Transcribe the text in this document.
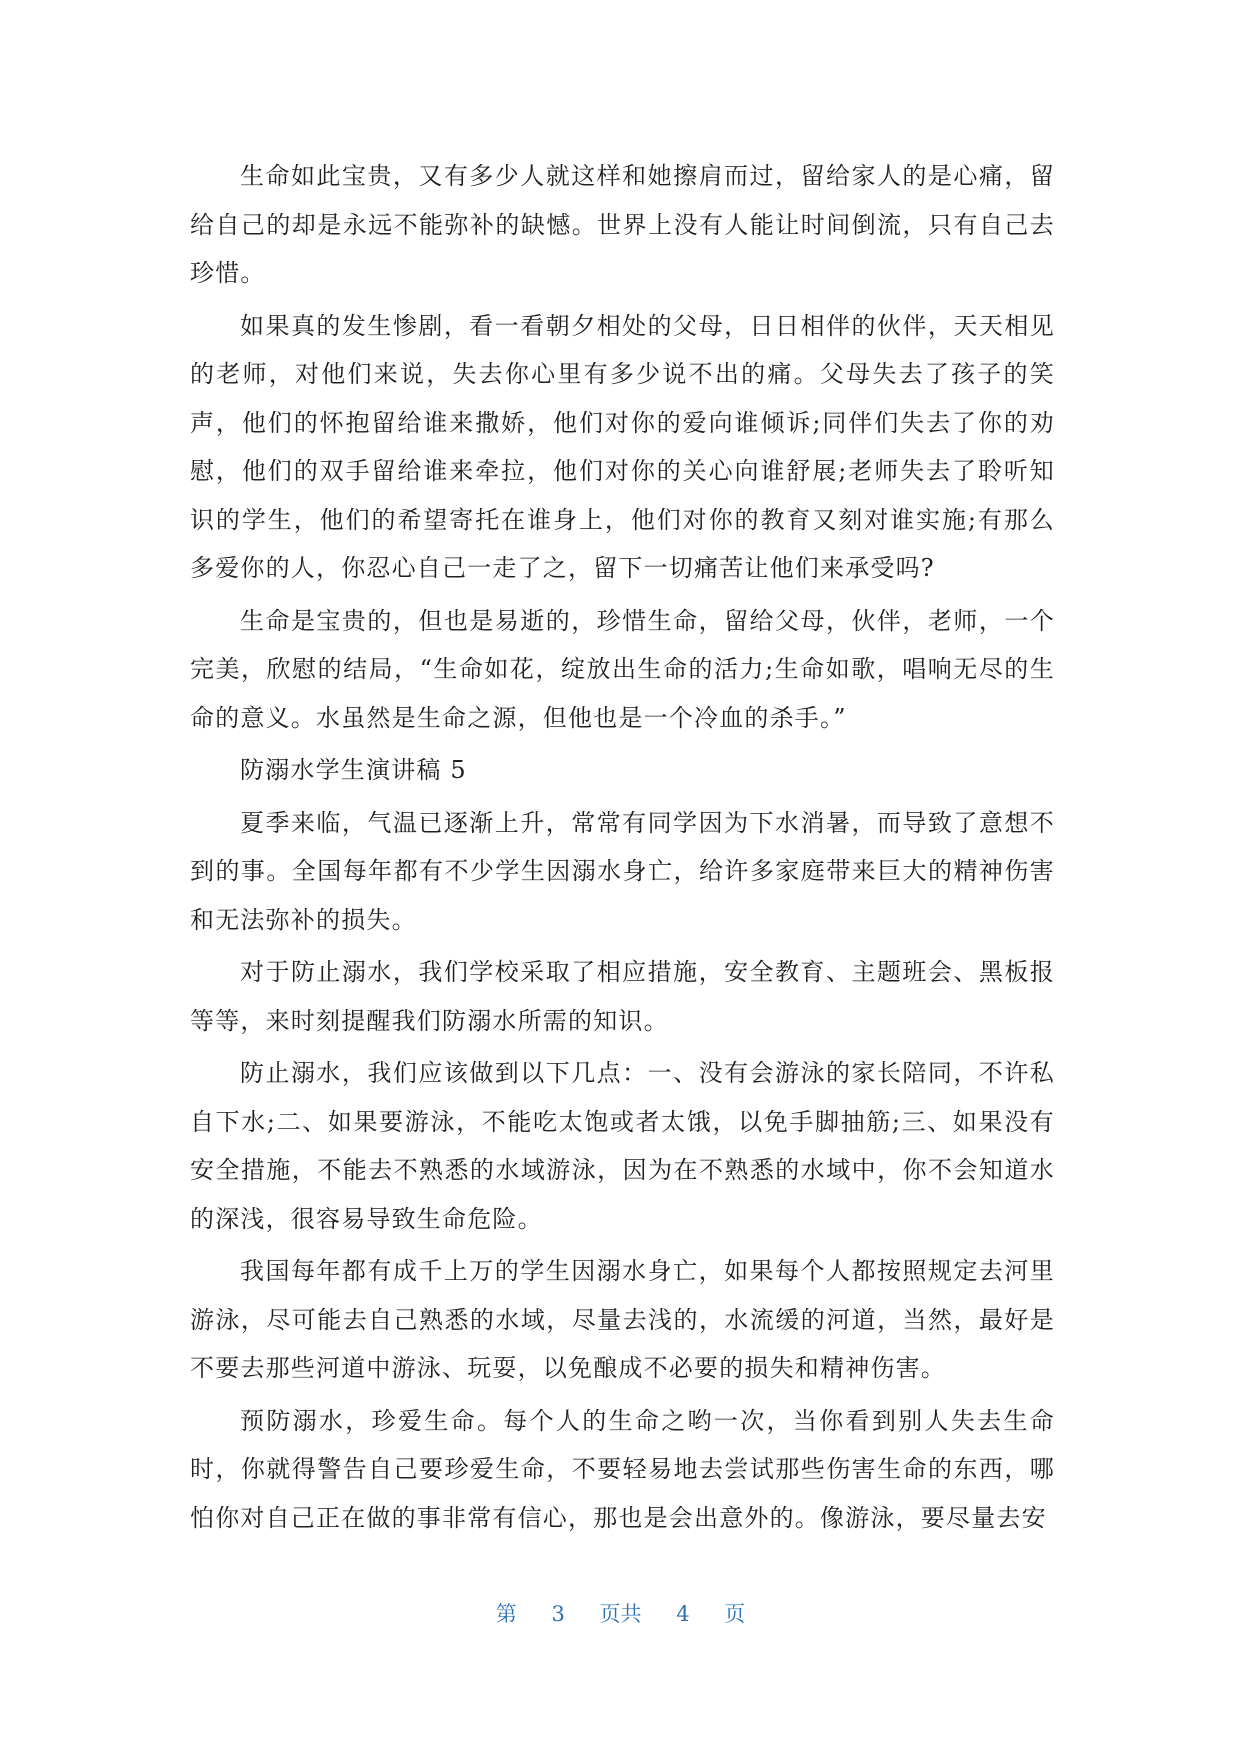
生命如此宝贵，又有多少人就这样和她擦肩而过，留给家人的是心痛，留给自己的却是永远不能弥补的缺憾。世界上没有人能让时间倒流，只有自己去珍惜。

如果真的发生惨剧，看一看朝夕相处的父母，日日相伴的伙伴，天天相见的老师，对他们来说，失去你心里有多少说不出的痛。父母失去了孩子的笑声，他们的怀抱留给谁来撒娇，他们对你的爱向谁倾诉;同伴们失去了你的劝慰，他们的双手留给谁来牵拉，他们对你的关心向谁舒展;老师失去了聆听知识的学生，他们的希望寄托在谁身上，他们对你的教育又刻对谁实施;有那么多爱你的人，你忍心自己一走了之，留下一切痛苦让他们来承受吗?

生命是宝贵的，但也是易逝的，珍惜生命，留给父母，伙伴，老师，一个完美，欣慰的结局，“生命如花，绽放出生命的活力;生命如歌，唱响无尽的生命的意义。水虽然是生命之源，但他也是一个冷血的杀手。”

防溺水学生演讲稿 5

夏季来临，气温已逐渐上升，常常有同学因为下水消暑，而导致了意想不到的事。全国每年都有不少学生因溺水身亡，给许多家庭带来巨大的精神伤害和无法弥补的损失。

对于防止溺水，我们学校采取了相应措施，安全教育、主题班会、黑板报等等，来时刻提醒我们防溺水所需的知识。

防止溺水，我们应该做到以下几点：一、没有会游泳的家长陪同，不许私自下水;二、如果要游泳，不能吃太饱或者太饿，以免手脚抽筋;三、如果没有安全措施，不能去不熟悉的水域游泳，因为在不熟悉的水域中，你不会知道水的深浅，很容易导致生命危险。

我国每年都有成千上万的学生因溺水身亡，如果每个人都按照规定去河里游泳，尽可能去自己熟悉的水域，尽量去浅的，水流缓的河道，当然，最好是不要去那些河道中游泳、玩耍，以免酿成不必要的损失和精神伤害。

预防溺水，珍爱生命。每个人的生命之哟一次，当你看到别人失去生命时，你就得警告自己要珍爱生命，不要轻易地去尝试那些伤害生命的东西，哪怕你对自己正在做的事非常有信心，那也是会出意外的。像游泳，要尽量去安

第 3 页共 4 页
